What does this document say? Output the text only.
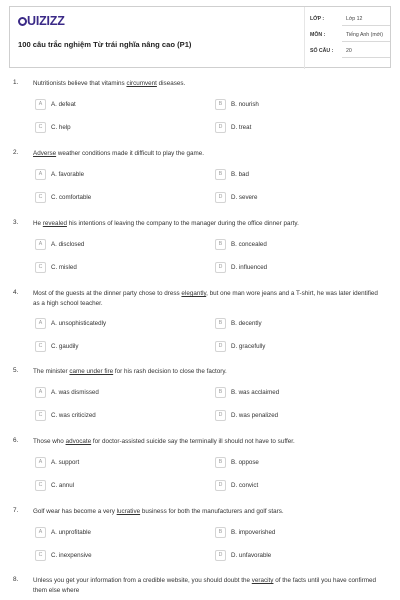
UIZIZZ
100 câu trắc nghiệm Từ trái nghĩa nâng cao (P1)
LỚP :	Lớp 12
MÔN :	Tiếng Anh (mới)
SỐ CÂU : 20
1. Nutritionists believe that vitamins circumvent diseases.
A	A. defeat	B	B. nourish
C	C. help	D	D. treat
2. Adverse weather conditions made it difficult to play the game.
A	A. favorable	B	B. bad
C	C. comfortable	D	D. severe
3. He revealed his intentions of leaving the company to the manager during the office dinner party.
A	A. disclosed	B	B. concealed
C	C. misled	D	D. influenced
4. Most of the guests at the dinner party chose to dress elegantly, but one man wore jeans and a T-shirt, he was later identified as a high school teacher.
A	A. unsophisticatedly	B	B. decently
C	C. gaudily	D	D. gracefully
5. The minister came under fire for his rash decision to close the factory.
A	A. was dismissed	B	B. was acclaimed
C	C. was criticized	D	D. was penalized
6. Those who advocate for doctor-assisted suicide say the terminally ill should not have to suffer.
A	A. support	B	B. oppose
C	C. annul	D	D. convict
7. Golf wear has become a very lucrative business for both the manufacturers and golf stars.
A	A. unprofitable	B	B. impoverished
C	C. inexpensive	D	D. unfavorable
8. Unless you get your information from a credible website, you should doubt the veracity of the facts until you have confirmed them else where
